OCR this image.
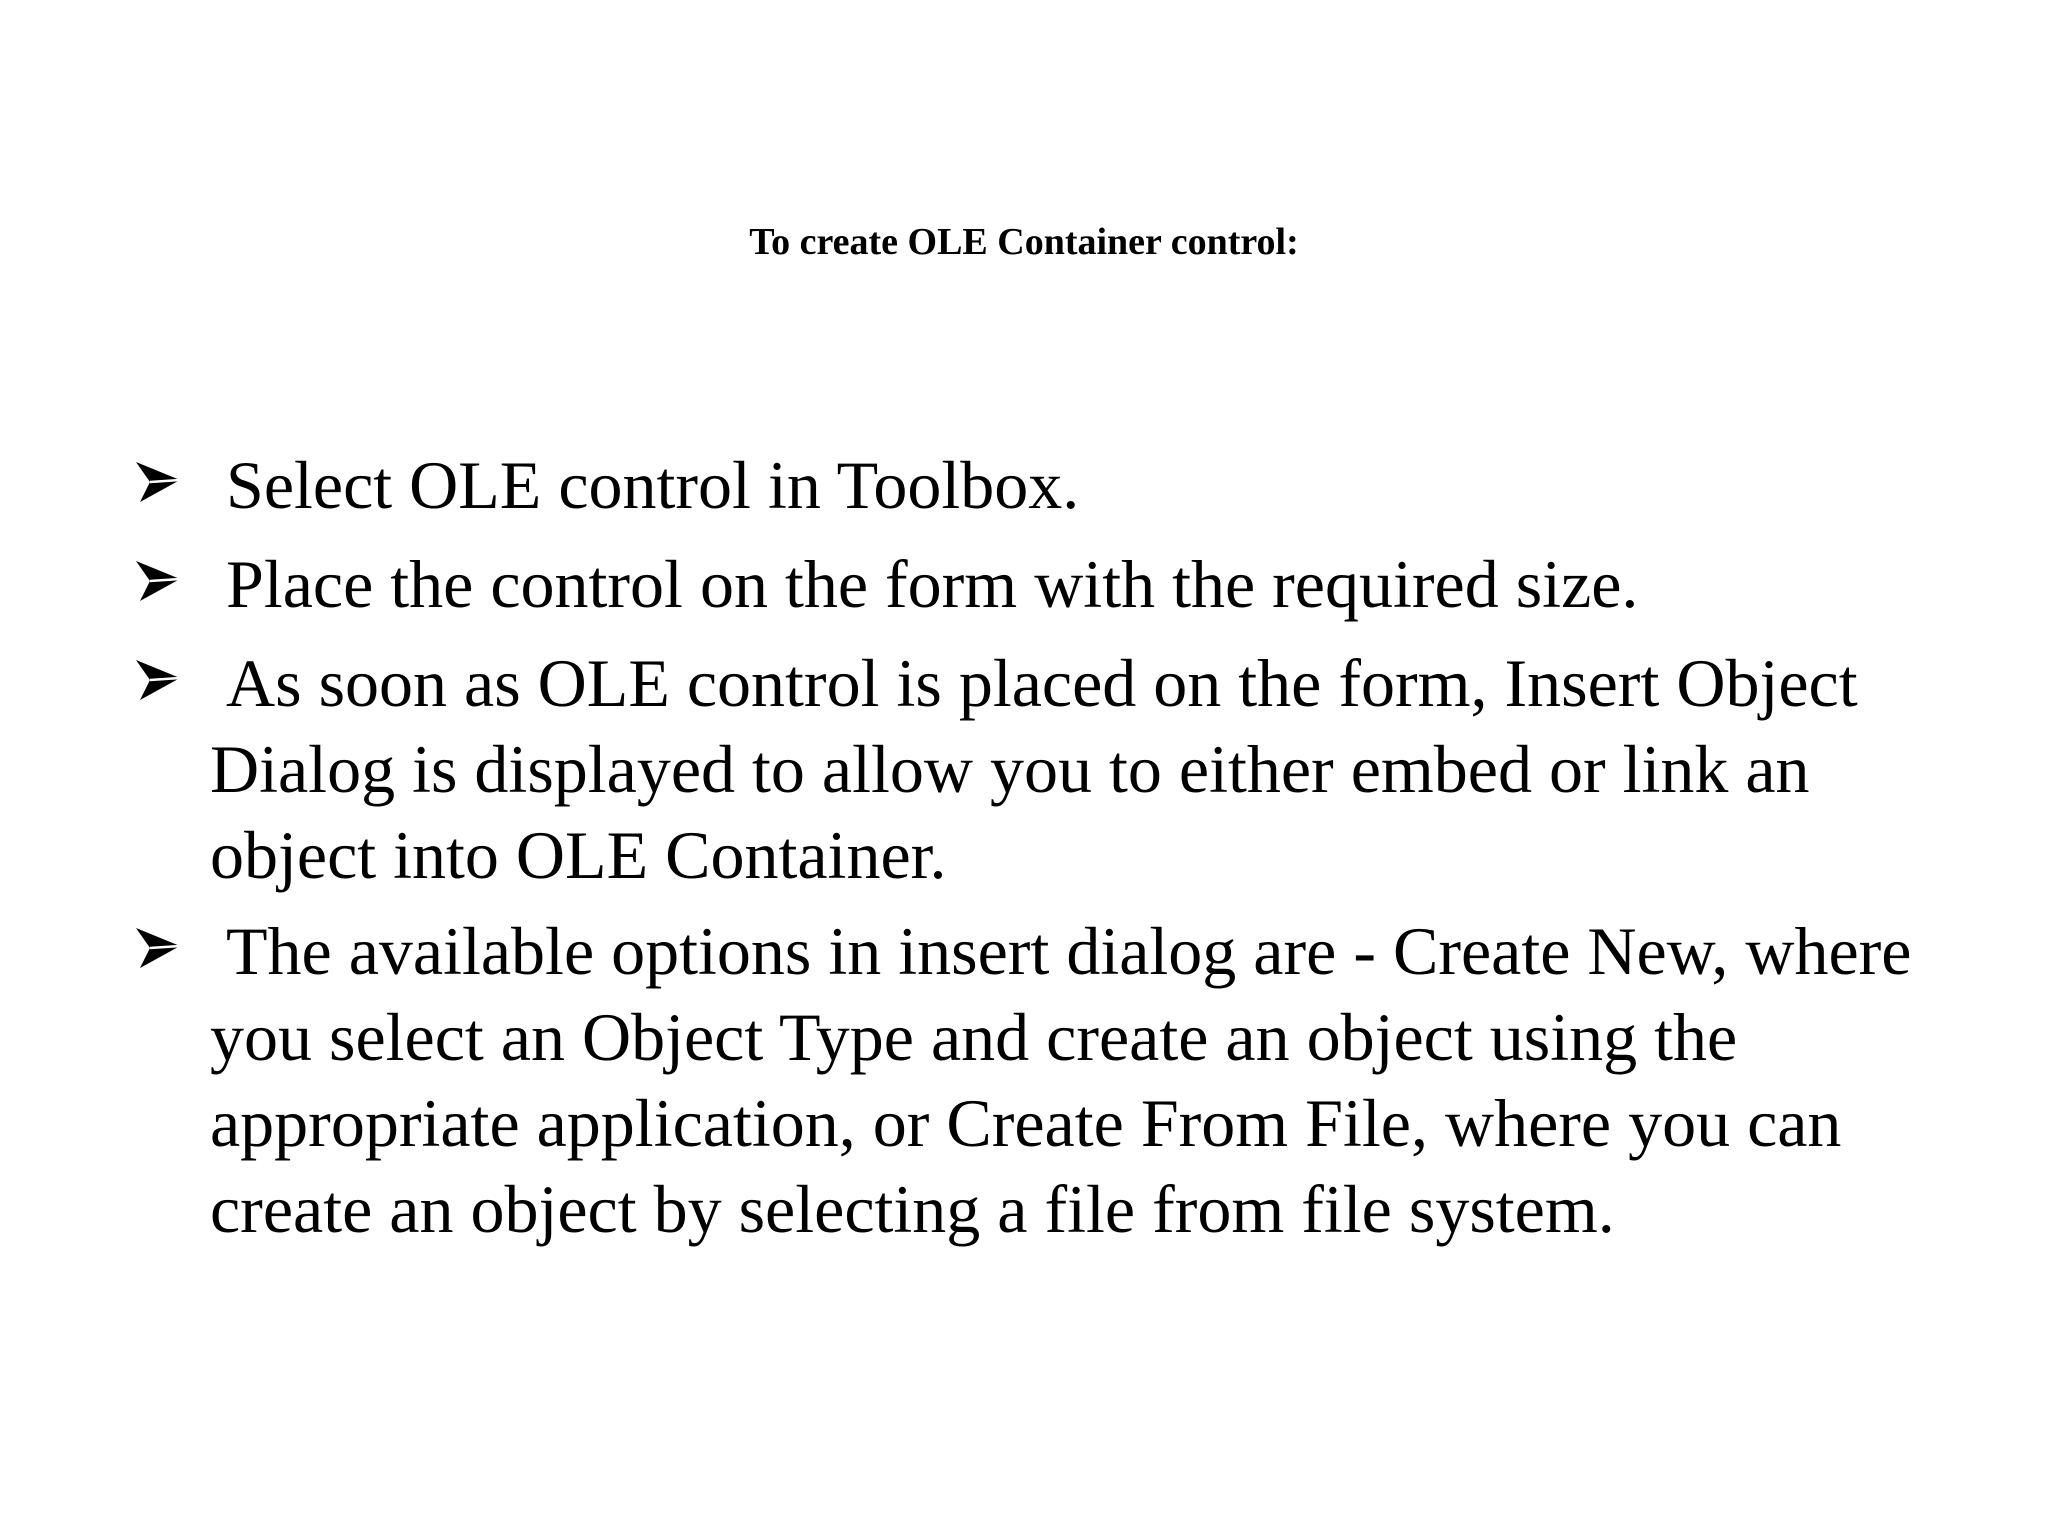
To create OLE Container control:
Select OLE control in Toolbox.
Place the control on the form with the required size.
As soon as OLE control is placed on the form, Insert Object Dialog is displayed to allow you to either embed or link an object into OLE Container.
The available options in insert dialog are - Create New, where you select an Object Type and create an object using the appropriate application, or Create From File, where you can create an object by selecting a file from file system.
